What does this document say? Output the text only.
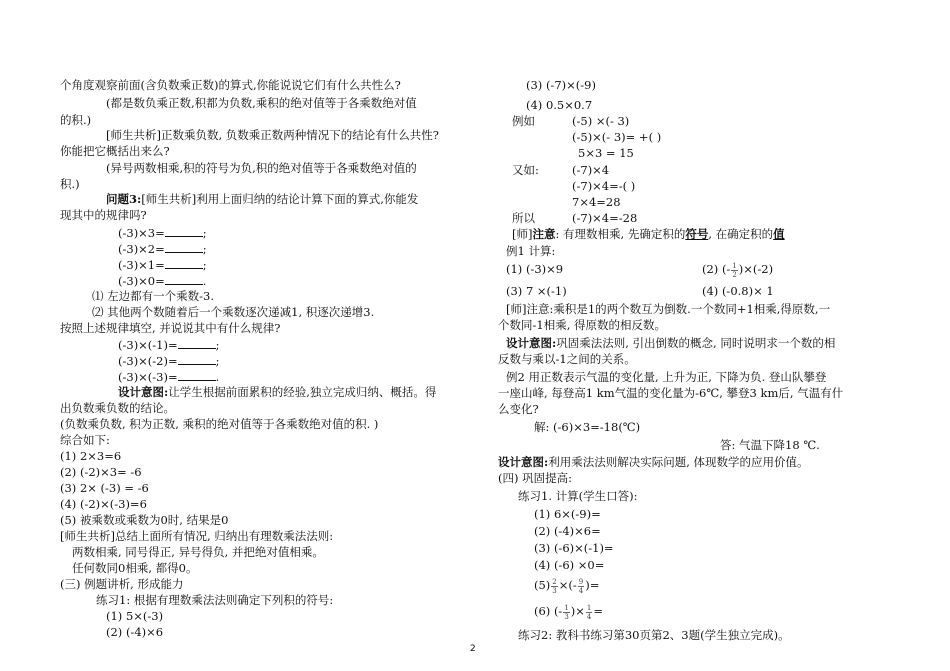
个角度观察前面(含负数乘正数)的算式,你能说说它们有什么共性么?
(都是数负乘正数,积都为负数,乘积的绝对值等于各乘数绝对值
的积.)
[师生共析]正数乘负数, 负数乘正数两种情况下的结论有什么共性?
你能把它概括出来么?
(异号两数相乘,积的符号为负,积的绝对值等于各乘数绝对值的
积.)
问题3:[师生共析]利用上面归纳的结论计算下面的算式,你能发
现其中的规律吗?
(-3)×3=	;
(-3)×2=	;
(-3)×1=	;
(-3)×0=	.
⑴ 左边都有一个乘数-3.
⑵ 其他两个数随着后一个乘数逐次递减1, 积逐次递增3.
按照上述规律填空, 并说说其中有什么规律?
(-3)×(-1)=	;
(-3)×(-2)=	;
(-3)×(-3)=	.
设计意图:让学生根据前面累积的经验,独立完成归纳、概括。得
出负数乘负数的结论。
(负数乘负数, 积为正数, 乘积的绝对值等于各乘数绝对值的积. )
综合如下:
(1) 2×3=6
(2) (-2)×3= -6
(3) 2× (-3) = -6
(4) (-2)×(-3)=6
(5) 被乘数或乘数为0时, 结果是0
[师生共析]总结上面所有情况, 归纳出有理数乘法法则:
两数相乘, 同号得正, 异号得负, 并把绝对值相乘。
任何数同0相乘, 都得0。
(三) 例题讲析, 形成能力
练习1: 根据有理数乘法法则确定下列积的符号:
(1) 5×(-3)
(2) (-4)×6
(3) (-7)×(-9)
(4) 0.5×0.7
例如	(-5) ×(- 3)
(-5)×(- 3)= +( )
5×3 = 15
又如:	(-7)×4
(-7)×4=-( )
7×4=28
所以	(-7)×4=-28
[师]注意: 有理数相乘, 先确定积的符号, 在确定积的值
例1 计算:
(1) (-3)×9	(2) (- $\frac{1}{2} )\times(-2)$
(3) 7 ×(-1)	(4) (-0.8)× 1
[师]注意:乘积是1的两个数互为倒数.一个数同+1相乘,得原数,一
个数同-1相乘, 得原数的相反数。
设计意图:巩固乘法法则, 引出倒数的概念, 同时说明求一个数的相
反数与乘以-1之间的关系。
例2 用正数表示气温的变化量, 上升为正, 下降为负. 登山队攀登
一座山峰, 每登高1 km气温的变化量为-6℃, 攀登3 km后, 气温有什
么变化?
解: (-6)×3=-18(℃)
答: 气温下降18 ℃.
设计意图:利用乘法法则解决实际问题, 体现数学的应用价值。
(四) 巩固提高:
练习1. 计算(学生口答):
(1) 6×(-9)=
(2) (-4)×6=
(3) (-6)×(-1)=
(4) (-6) ×0=
$(5) \frac{2}{3}$ ×(- $\frac{9}{4}$ )=
(6) (- $\frac{1}{3}$ )× $\frac{1}{4}$ =
练习2: 教科书练习第30页第2、3题(学生独立完成)。
2
